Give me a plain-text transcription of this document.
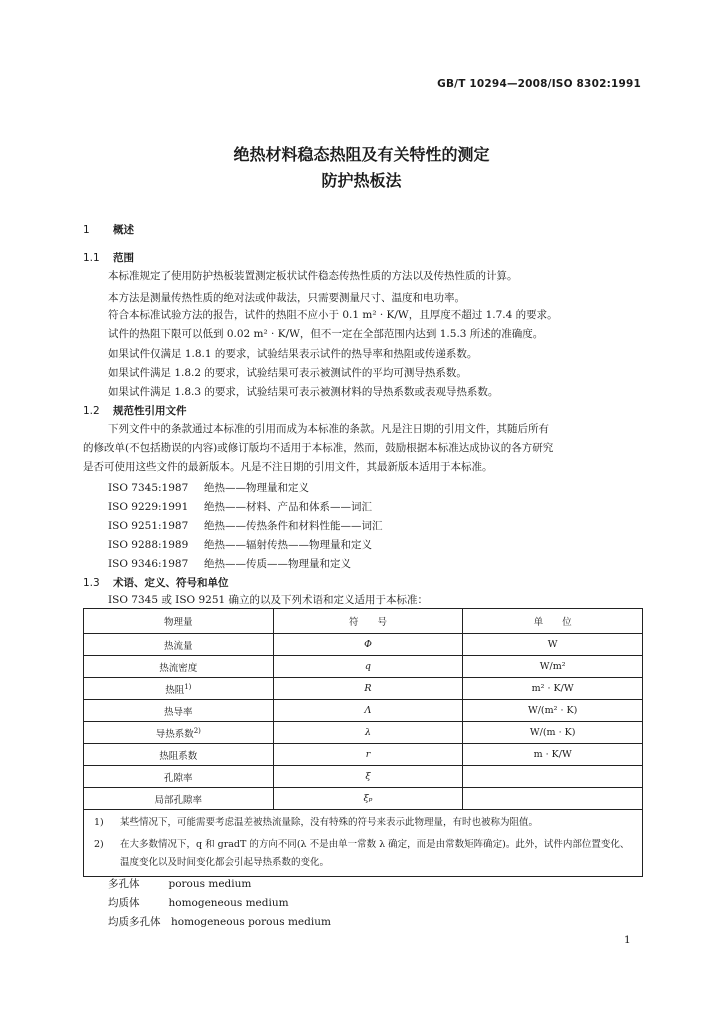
GB/T 10294—2008/ISO 8302:1991
绝热材料稳态热阻及有关特性的测定
防护热板法
1 概述
1.1 范围
本标准规定了使用防护热板装置测定板状试件稳态传热性质的方法以及传热性质的计算。
本方法是测量传热性质的绝对法或仲裁法，只需要测量尺寸、温度和电功率。
符合本标准试验方法的报告，试件的热阻不应小于 0.1 m² · K/W，且厚度不超过 1.7.4 的要求。
试件的热阻下限可以低到 0.02 m² · K/W，但不一定在全部范围内达到 1.5.3 所述的准确度。
如果试件仅满足 1.8.1 的要求，试验结果表示试件的热导率和热阻或传递系数。
如果试件满足 1.8.2 的要求，试验结果可表示被测试件的平均可测导热系数。
如果试件满足 1.8.3 的要求，试验结果可表示被测材料的导热系数或表观导热系数。
1.2 规范性引用文件
下列文件中的条款通过本标准的引用而成为本标准的条款。凡是注日期的引用文件，其随后所有
的修改单(不包括勘误的内容)或修订版均不适用于本标准，然而，鼓励根据本标准达成协议的各方研究
是否可使用这些文件的最新版本。凡是不注日期的引用文件，其最新版本适用于本标准。
ISO 7345:1987 绝热——物理量和定义
ISO 9229:1991 绝热——材料、产品和体系——词汇
ISO 9251:1987 绝热——传热条件和材料性能——词汇
ISO 9288:1989 绝热——辐射传热——物理量和定义
ISO 9346:1987 绝热——传质——物理量和定义
1.3 术语、定义、符号和单位
ISO 7345 或 ISO 9251 确立的以及下列术语和定义适用于本标准：
物理量	符　　号	单　　位
热流量	Φ	W
热流密度	q	W/m²
热阻$^{1)}$	R	m² · K/W
热导率	Λ	W/(m² · K)
导热系数$^{2)}$	λ	W/(m · K)
热阻系数	r	m · K/W
孔隙率	ξ	
局部孔隙率	ξₚ	

1) 某些情况下，可能需要考虑温差被热流量除，没有特殊的符号来表示此物理量，有时也被称为阻值。
2) 在大多数情况下，q 和 gradT 的方向不同(λ 不是由单一常数 λ 确定，而是由常数矩阵确定)。此外，试件内部位置变化、温度变化以及时间变化都会引起导热系数的变化。		
多孔体　	porous medium
均质体　	homogeneous medium
均质多孔体　 homogeneous porous medium
1
